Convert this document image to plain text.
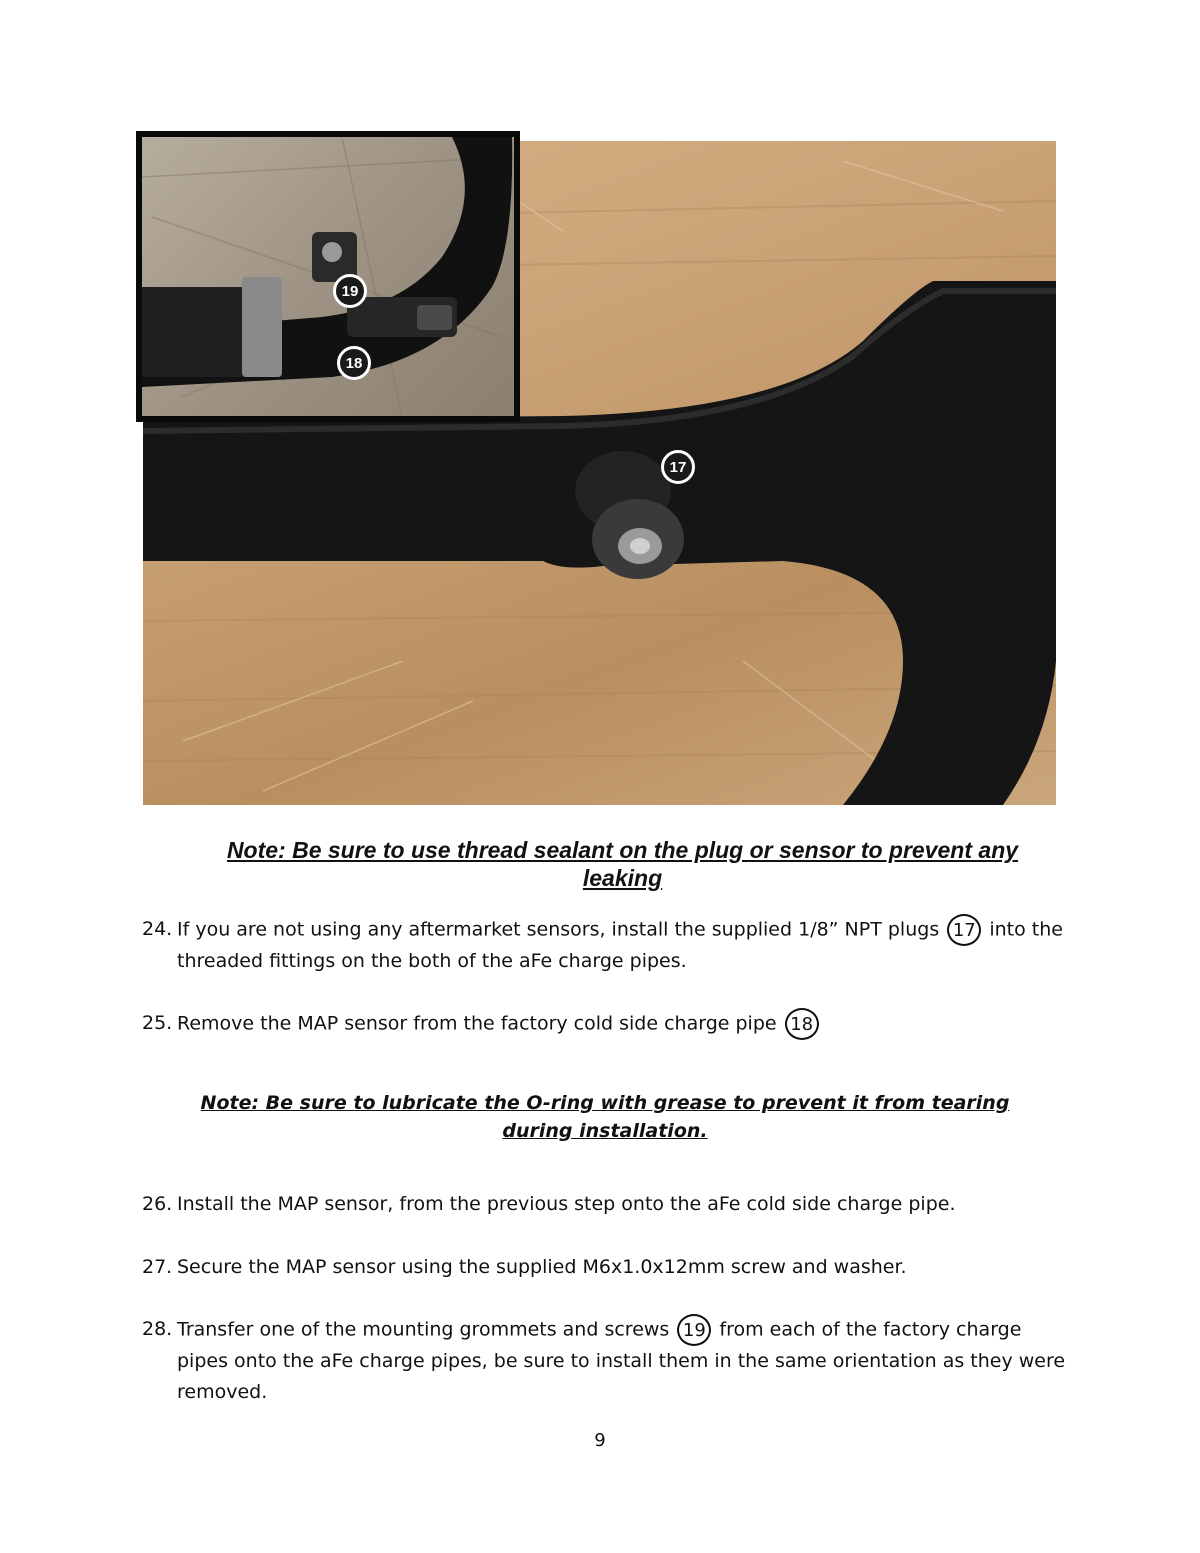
17
19
18
Note: Be sure to use thread sealant on the plug or sensor to prevent any leaking
24. If you are not using any aftermarket sensors, install the supplied 1/8” NPT plugs 17 into the threaded fittings on the both of the aFe charge pipes.
25. Remove the MAP sensor from the factory cold side charge pipe 18
26. Install the MAP sensor, from the previous step onto the aFe cold side charge pipe.
27. Secure the MAP sensor using the supplied M6x1.0x12mm screw and washer.
28. Transfer one of the mounting grommets and screws 19 from each of the factory charge pipes onto the aFe charge pipes, be sure to install them in the same orientation as they were removed.
Note: Be sure to lubricate the O-ring with grease to prevent it from tearing during installation.
9
